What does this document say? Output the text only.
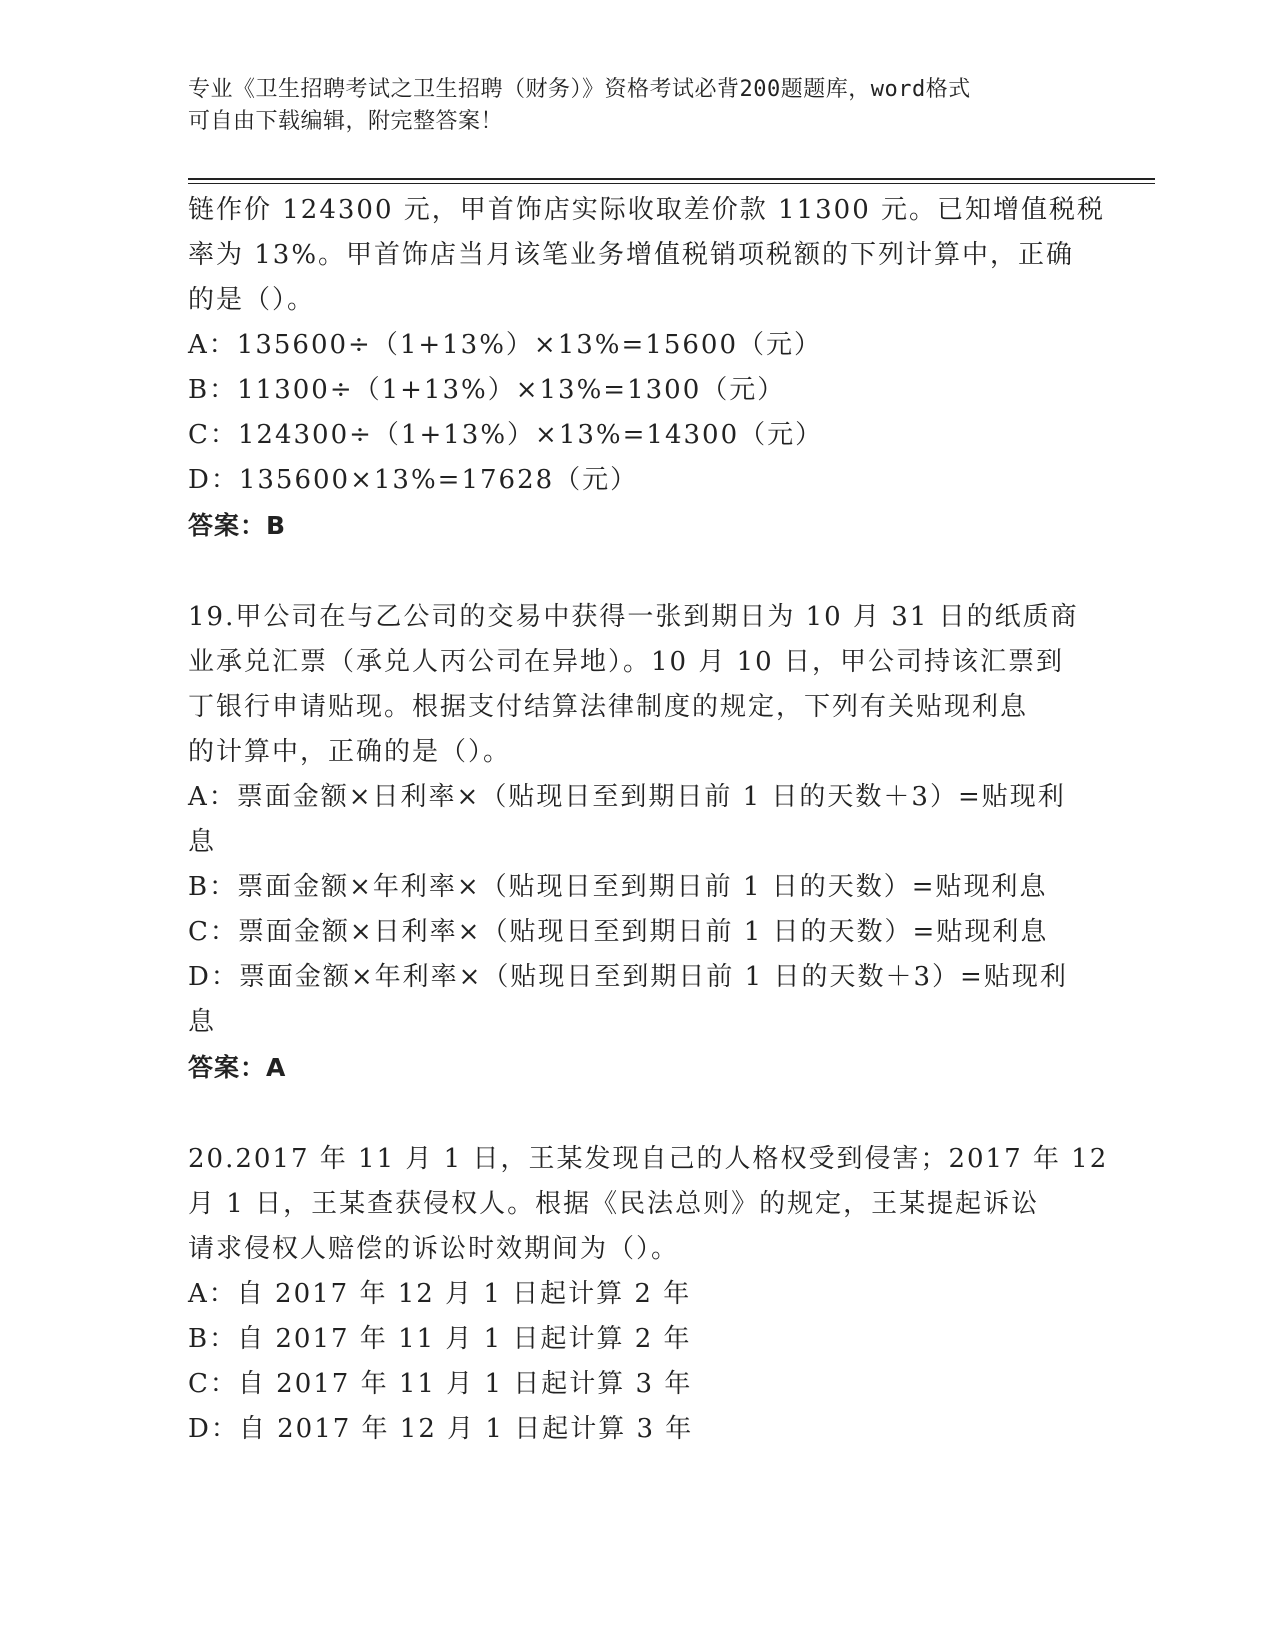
专业《卫生招聘考试之卫生招聘（财务）》资格考试必背200题题库，word格式
可自由下载编辑，附完整答案！
链作价 124300 元，甲首饰店实际收取差价款 11300 元。已知增值税税
率为 13%。甲首饰店当月该笔业务增值税销项税额的下列计算中，正确
的是（）。
A：135600÷（1+13%）×13%=15600（元）
B：11300÷（1+13%）×13%=1300（元）
C：124300÷（1+13%）×13%=14300（元）
D：135600×13%=17628（元）
答案：B
19.甲公司在与乙公司的交易中获得一张到期日为 10 月 31 日的纸质商
业承兑汇票（承兑人丙公司在异地）。10 月 10 日，甲公司持该汇票到
丁银行申请贴现。根据支付结算法律制度的规定，下列有关贴现利息
的计算中，正确的是（）。
A：票面金额×日利率×（贴现日至到期日前 1 日的天数＋3）=贴现利
息
B：票面金额×年利率×（贴现日至到期日前 1 日的天数）=贴现利息
C：票面金额×日利率×（贴现日至到期日前 1 日的天数）=贴现利息
D：票面金额×年利率×（贴现日至到期日前 1 日的天数＋3）=贴现利
息
答案：A
20.2017 年 11 月 1 日，王某发现自己的人格权受到侵害；2017 年 12
月 1 日，王某查获侵权人。根据《民法总则》的规定，王某提起诉讼
请求侵权人赔偿的诉讼时效期间为（）。
A：自 2017 年 12 月 1 日起计算 2 年
B：自 2017 年 11 月 1 日起计算 2 年
C：自 2017 年 11 月 1 日起计算 3 年
D：自 2017 年 12 月 1 日起计算 3 年
